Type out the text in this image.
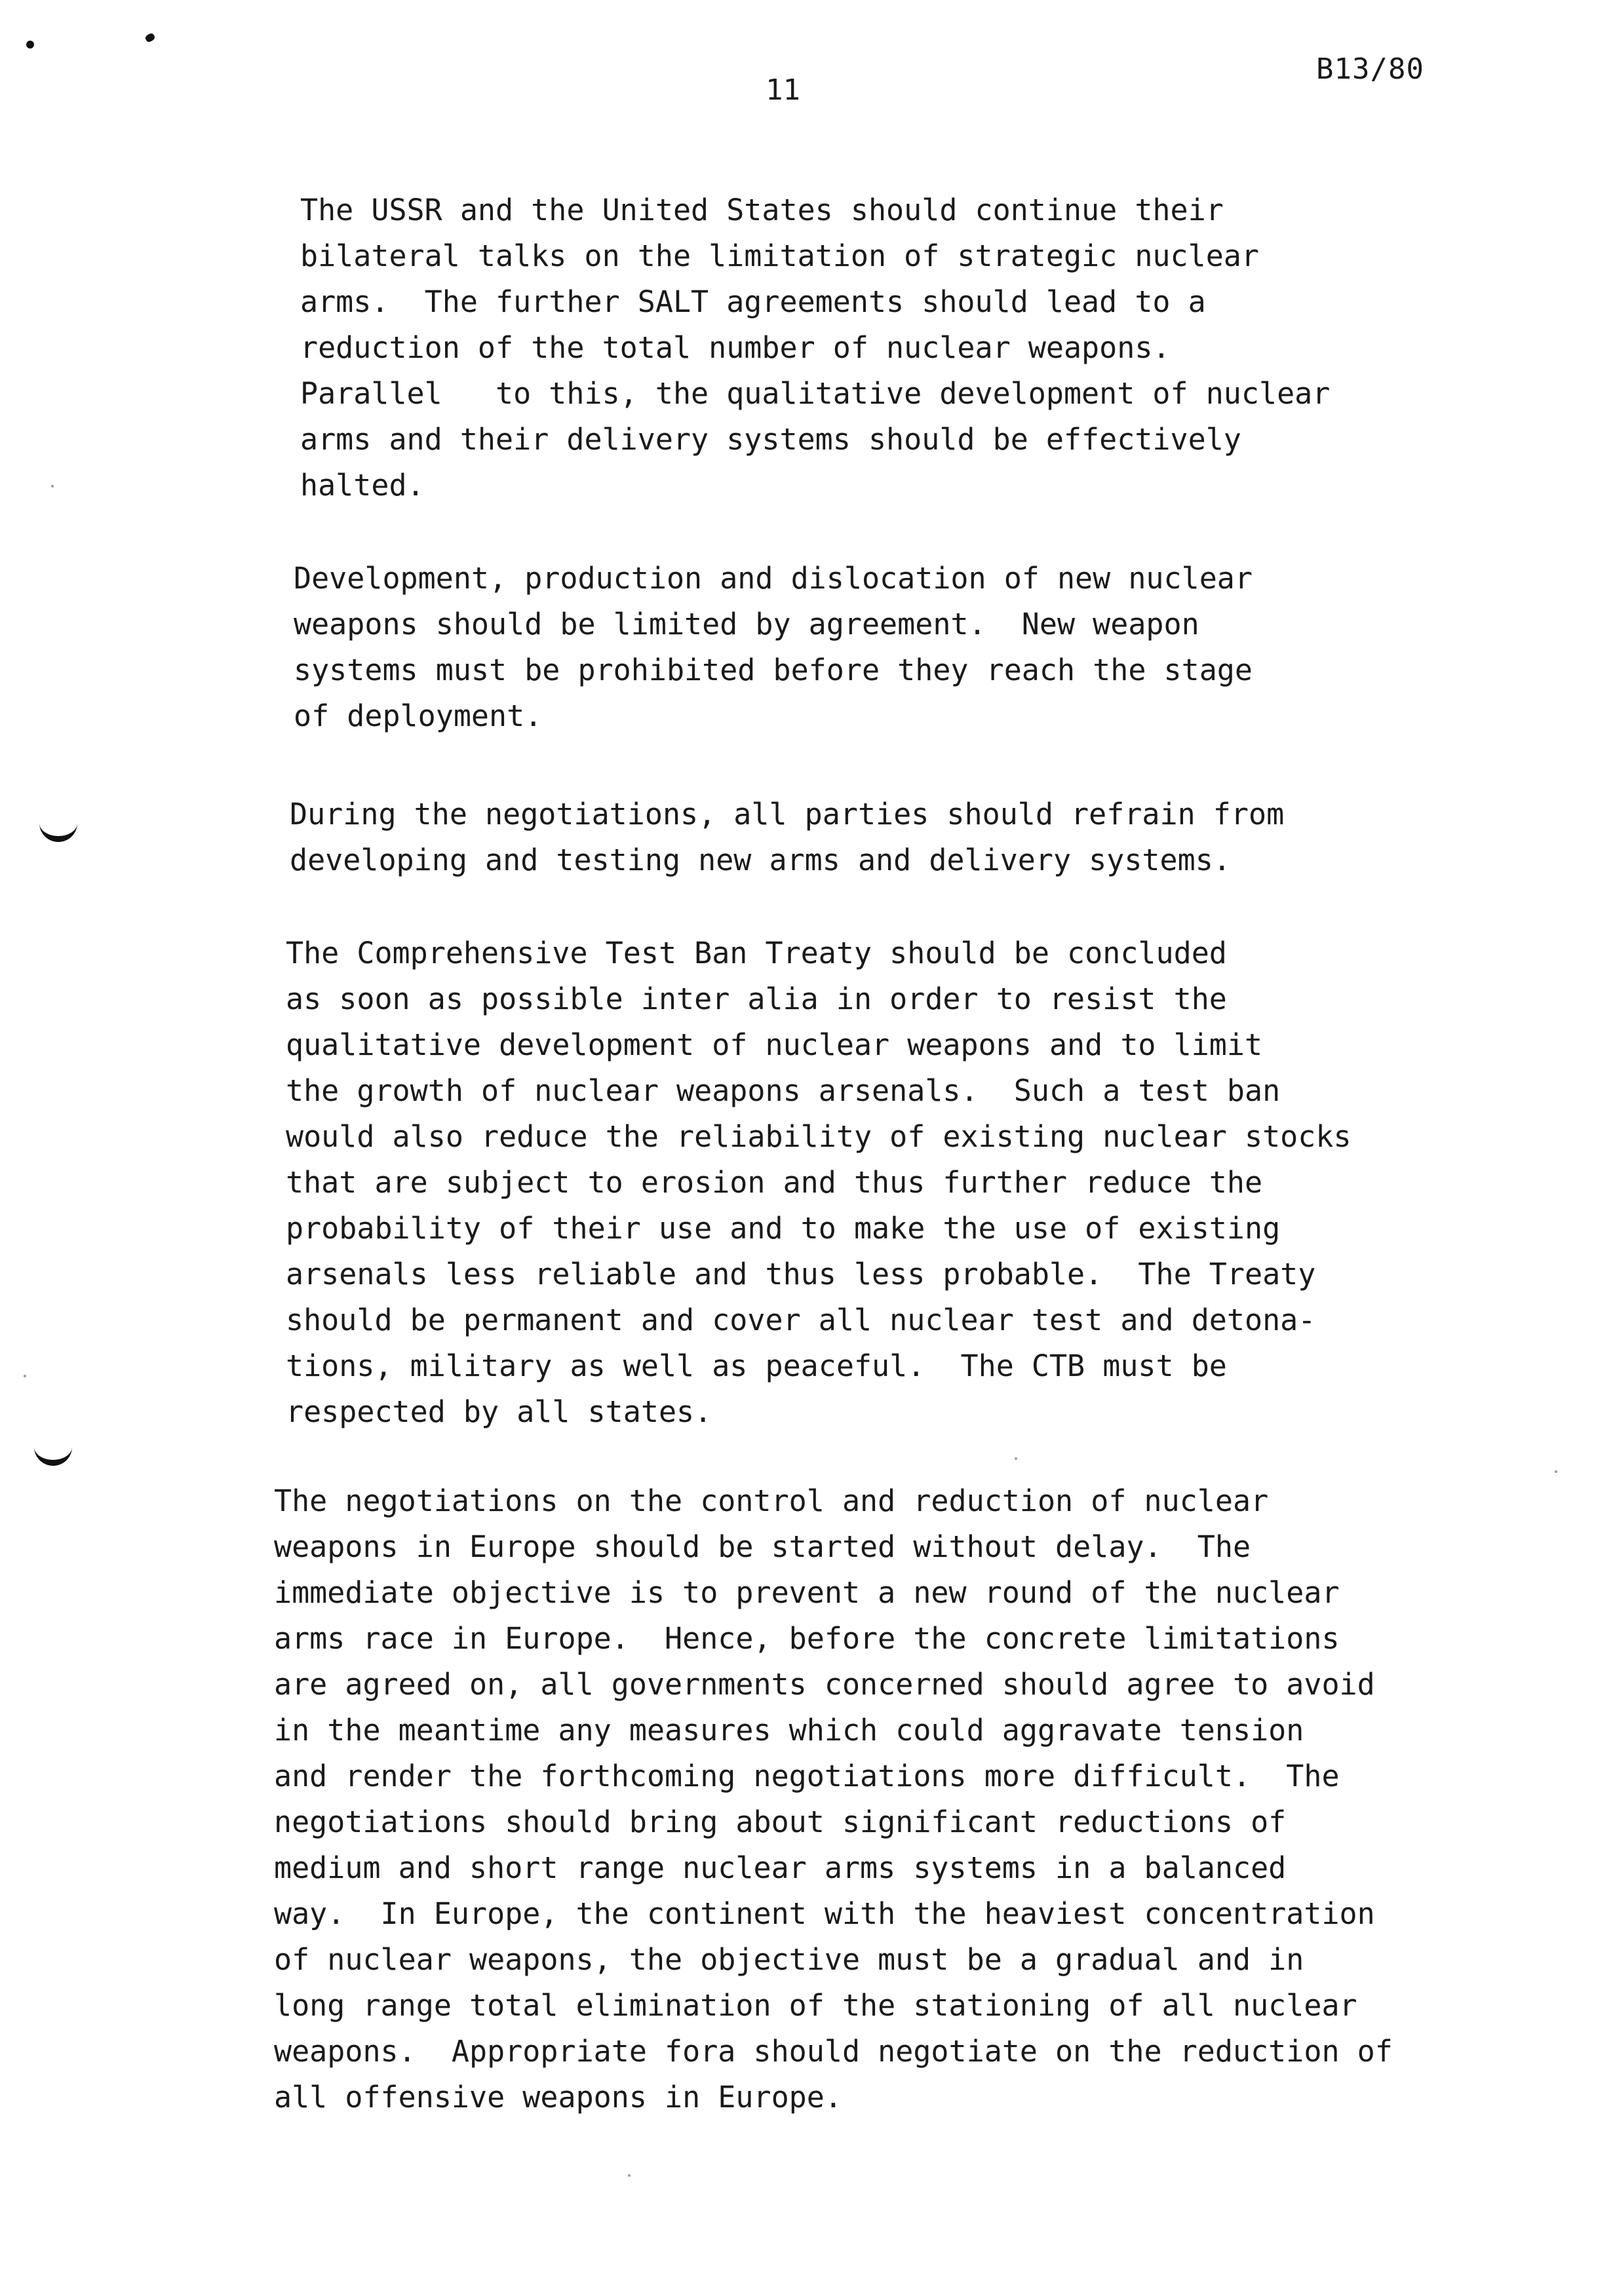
11
B13/80

The USSR and the United States should continue their
bilateral talks on the limitation of strategic nuclear
arms.  The further SALT agreements should lead to a
reduction of the total number of nuclear weapons.
Parallel   to this, the qualitative development of nuclear
arms and their delivery systems should be effectively
halted.

Development, production and dislocation of new nuclear
weapons should be limited by agreement.  New weapon
systems must be prohibited before they reach the stage
of deployment.

During the negotiations, all parties should refrain from
developing and testing new arms and delivery systems.

The Comprehensive Test Ban Treaty should be concluded
as soon as possible inter alia in order to resist the
qualitative development of nuclear weapons and to limit
the growth of nuclear weapons arsenals.  Such a test ban
would also reduce the reliability of existing nuclear stocks
that are subject to erosion and thus further reduce the
probability of their use and to make the use of existing
arsenals less reliable and thus less probable.  The Treaty
should be permanent and cover all nuclear test and detona-
tions, military as well as peaceful.  The CTB must be
respected by all states.

The negotiations on the control and reduction of nuclear
weapons in Europe should be started without delay.  The
immediate objective is to prevent a new round of the nuclear
arms race in Europe.  Hence, before the concrete limitations
are agreed on, all governments concerned should agree to avoid
in the meantime any measures which could aggravate tension
and render the forthcoming negotiations more difficult.  The
negotiations should bring about significant reductions of
medium and short range nuclear arms systems in a balanced
way.  In Europe, the continent with the heaviest concentration
of nuclear weapons, the objective must be a gradual and in
long range total elimination of the stationing of all nuclear
weapons.  Appropriate fora should negotiate on the reduction of
all offensive weapons in Europe.
